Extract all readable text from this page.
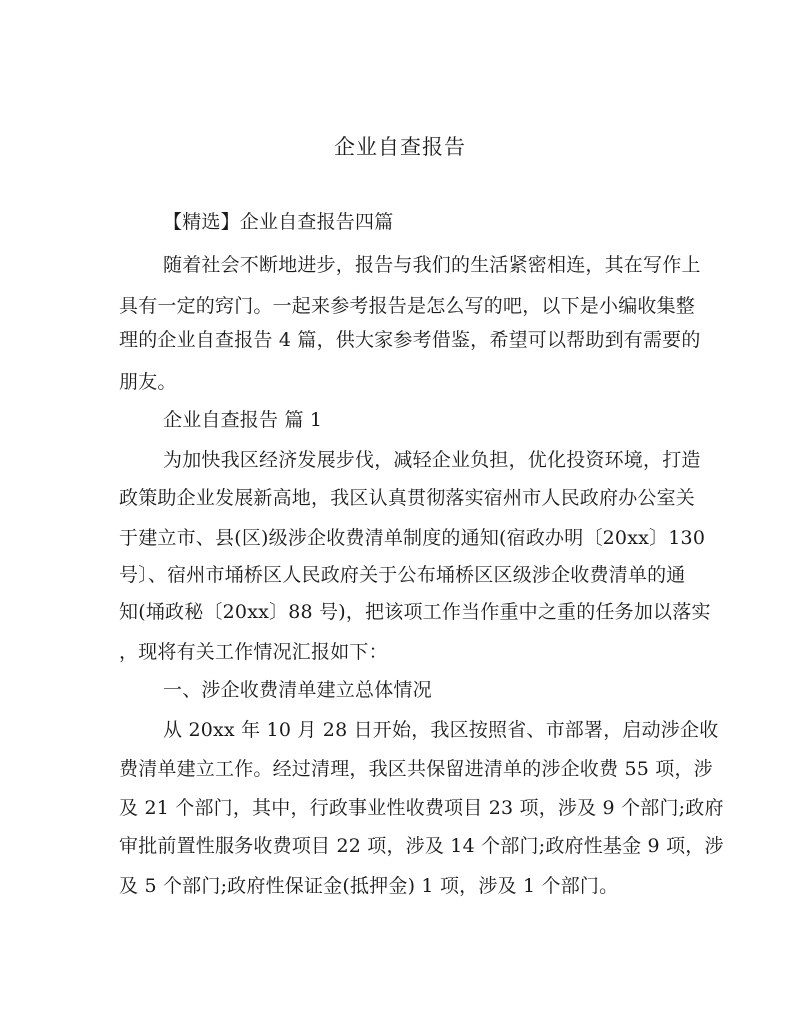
企业自查报告
【精选】企业自查报告四篇
随着社会不断地进步，报告与我们的生活紧密相连，其在写作上
具有一定的窍门。一起来参考报告是怎么写的吧，以下是小编收集整
理的企业自查报告 4 篇，供大家参考借鉴，希望可以帮助到有需要的
朋友。
企业自查报告 篇 1
为加快我区经济发展步伐，减轻企业负担，优化投资环境，打造
政策助企业发展新高地，我区认真贯彻落实宿州市人民政府办公室关
于建立市、县(区)级涉企收费清单制度的通知(宿政办明〔20xx〕130
号〕、宿州市埇桥区人民政府关于公布埇桥区区级涉企收费清单的通
知(埇政秘〔20xx〕88 号)，把该项工作当作重中之重的任务加以落实
，现将有关工作情况汇报如下：
一、涉企收费清单建立总体情况
从 20xx 年 10 月 28 日开始，我区按照省、市部署，启动涉企收
费清单建立工作。经过清理，我区共保留进清单的涉企收费 55 项，涉
及 21 个部门，其中，行政事业性收费项目 23 项，涉及 9 个部门;政府
审批前置性服务收费项目 22 项，涉及 14 个部门;政府性基金 9 项，涉
及 5 个部门;政府性保证金(抵押金) 1 项，涉及 1 个部门。
